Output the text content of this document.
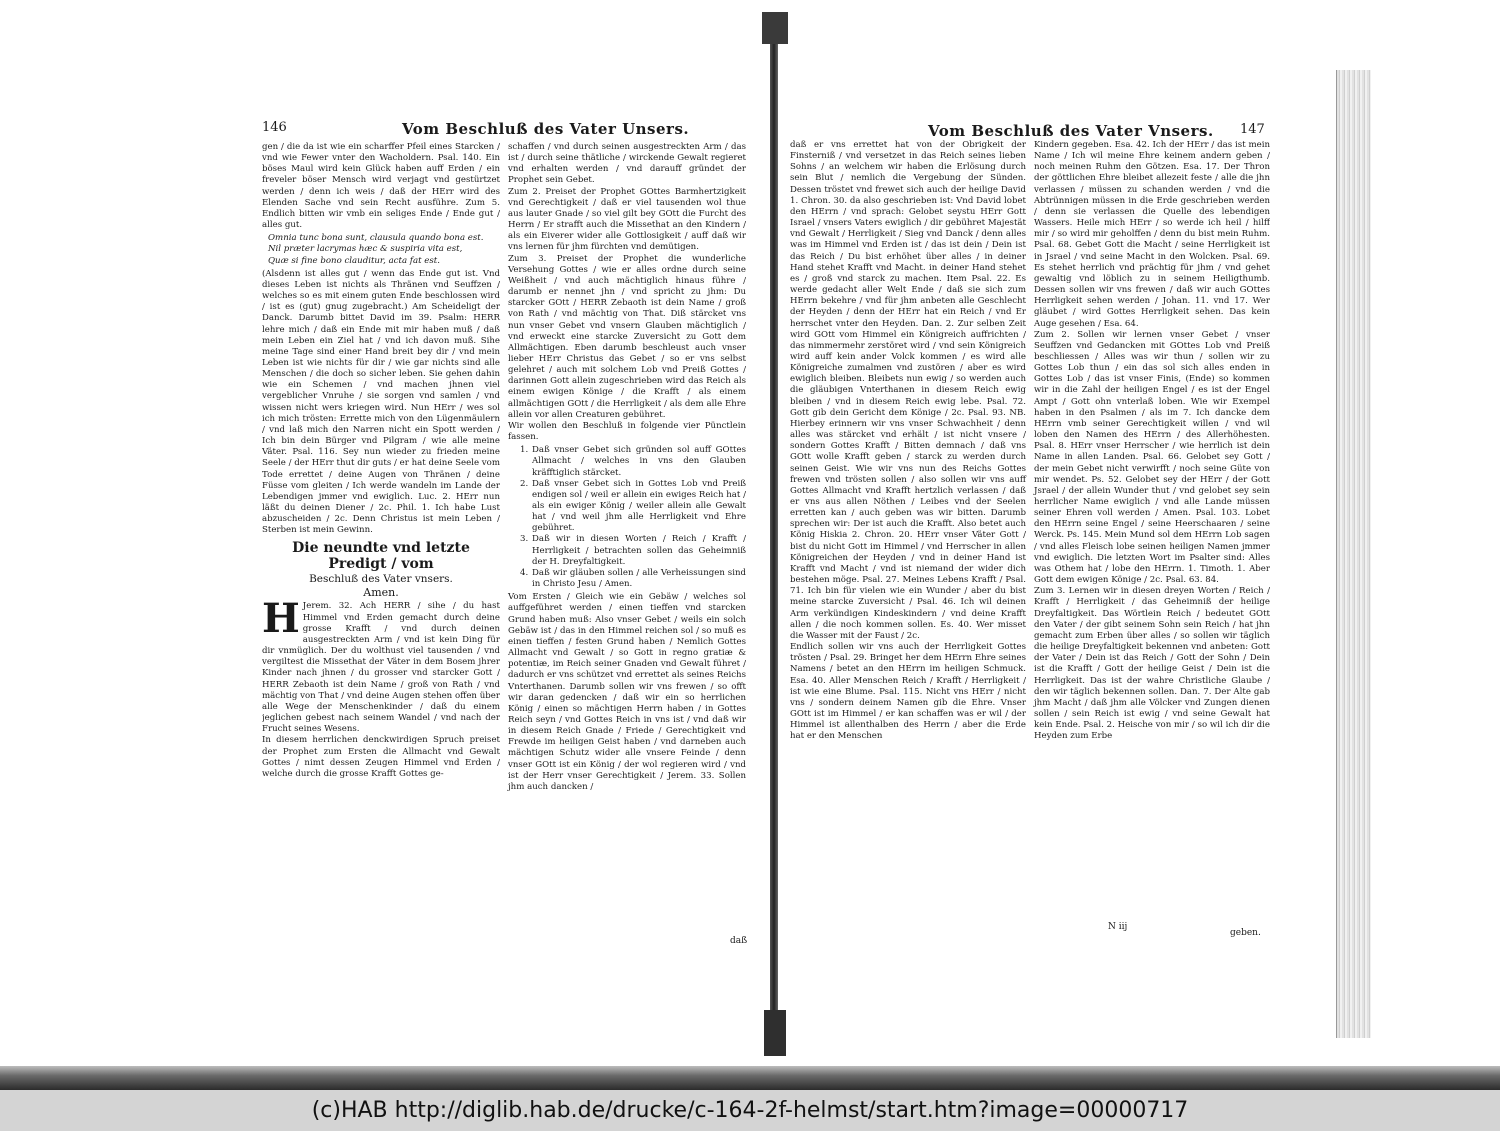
146	Vom Beschluß des Vater Unsers.

gen / die da ist wie ein scharffer Pfeil eines Starcken / vnd wie Fewer vnter den Wacholdern. Psal. 140. Ein böses Maul wird kein Glück haben auff Erden / ein freveler böser Mensch wird verjagt vnd gestürtzet werden / denn ich weis / daß der HErr wird des Elenden Sache vnd sein Recht ausführe. Zum 5. Endlich bitten wir vmb ein seliges Ende / Ende gut / alles gut.

Omnia tunc bona sunt, clausula quando bona est.
Nil præter lacrymas hæc & suspiria vita est,
Quæ si fine bono clauditur, acta fat est.

(Alsdenn ist alles gut / wenn das Ende gut ist. Vnd dieses Leben ist nichts als Thränen vnd Seuffzen / welches so es mit einem guten Ende beschlossen wird / ist es (gut) gnug zugebracht.) Am Scheideligt der Danck. Darumb bittet David im 39. Psalm: HERR lehre mich / daß ein Ende mit mir haben muß / daß mein Leben ein Ziel hat / vnd ich davon muß. Sihe meine Tage sind einer Hand breit bey dir / vnd mein Leben ist wie nichts für dir / wie gar nichts sind alle Menschen / die doch so sicher leben. Sie gehen dahin wie ein Schemen / vnd machen jhnen viel vergeblicher Vnruhe / sie sorgen vnd samlen / vnd wissen nicht wers kriegen wird. Nun HErr / wes sol ich mich trösten: Errette mich von den Lügenmäulern / vnd laß mich den Narren nicht ein Spott werden / Ich bin dein Bürger vnd Pilgram / wie alle meine Väter. Psal. 116. Sey nun wieder zu frieden meine Seele / der HErr thut dir guts / er hat deine Seele vom Tode errettet / deine Augen von Thränen / deine Füsse vom gleiten / Ich werde wandeln im Lande der Lebendigen jmmer vnd ewiglich. Luc. 2. HErr nun läßt du deinen Diener / 2c. Phil. 1. Ich habe Lust abzuscheiden / 2c. Denn Christus ist mein Leben / Sterben ist mein Gewinn.

Die neundte vnd letzte Predigt / vom
Beschluß des Vater vnsers.
Amen.

H Jerem. 32. Ach HERR / sihe / du hast Himmel vnd Erden gemacht durch deine grosse Krafft / vnd durch deinen ausgestreckten Arm / vnd ist kein Ding für dir vnmüglich. Der du wolthust viel tausenden / vnd vergiltest die Missethat der Väter in dem Bosem jhrer Kinder nach jhnen / du grosser vnd starcker Gott / HERR Zebaoth ist dein Name / groß von Rath / vnd mächtig von That / vnd deine Augen stehen offen über alle Wege der Menschenkinder / daß du einem jeglichen gebest nach seinem Wandel / vnd nach der Frucht seines Wesens.

In diesem herrlichen denckwirdigen Spruch preiset der Prophet zum Ersten die Allmacht vnd Gewalt Gottes / nimt dessen Zeugen Himmel vnd Erden / welche durch die grosse Krafft Gottes ge-

schaffen / vnd durch seinen ausgestreckten Arm / das ist / durch seine thätliche / wirckende Gewalt regieret vnd erhalten werden / vnd darauff gründet der Prophet sein Gebet.

Zum 2. Preiset der Prophet GOttes Barmhertzigkeit vnd Gerechtigkeit / daß er viel tausenden wol thue aus lauter Gnade / so viel gilt bey GOtt die Furcht des Herrn / Er strafft auch die Missethat an den Kindern / als ein Eiverer wider alle Gottlosigkeit / auff daß wir vns lernen für jhm fürchten vnd demütigen.

Zum 3. Preiset der Prophet die wunderliche Versehung Gottes / wie er alles ordne durch seine Weißheit / vnd auch mächtiglich hinaus führe / darumb er nennet jhn / vnd spricht zu jhm: Du starcker GOtt / HERR Zebaoth ist dein Name / groß von Rath / vnd mächtig von That. Diß stärcket vns nun vnser Gebet vnd vnsern Glauben mächtiglich / vnd erweckt eine starcke Zuversicht zu Gott dem Allmächtigen. Eben darumb beschleust auch vnser lieber HErr Christus das Gebet / so er vns selbst gelehret / auch mit solchem Lob vnd Preiß Gottes / darinnen Gott allein zugeschrieben wird das Reich als einem ewigen Könige / die Krafft / als einem allmächtigen GOtt / die Herrligkeit / als dem alle Ehre allein vor allen Creaturen gebühret.

Wir wollen den Beschluß in folgende vier Pünctlein fassen.

1. Daß vnser Gebet sich gründen sol auff GOttes Allmacht / welches in vns den Glauben kräfftiglich stärcket.
2. Daß vnser Gebet sich in Gottes Lob vnd Preiß endigen sol / weil er allein ein ewiges Reich hat / als ein ewiger König / weiler allein alle Gewalt hat / vnd weil jhm alle Herrligkeit vnd Ehre gebühret.
3. Daß wir in diesen Worten / Reich / Krafft / Herrligkeit / betrachten sollen das Geheimniß der H. Dreyfaltigkeit.
4. Daß wir gläuben sollen / alle Verheissungen sind in Christo Jesu / Amen.

Vom Ersten / Gleich wie ein Gebäw / welches sol auffgeführet werden / einen tieffen vnd starcken Grund haben muß: Also vnser Gebet / weils ein solch Gebäw ist / das in den Himmel reichen sol / so muß es einen tieffen / festen Grund haben / Nemlich Gottes Allmacht vnd Gewalt / so Gott in regno gratiæ & potentiæ, im Reich seiner Gnaden vnd Gewalt führet / dadurch er vns schützet vnd errettet als seines Reichs Vnterthanen. Darumb sollen wir vns frewen / so offt wir daran gedencken / daß wir ein so herrlichen König / einen so mächtigen Herrn haben / in Gottes Reich seyn / vnd Gottes Reich in vns ist / vnd daß wir in diesem Reich Gnade / Friede / Gerechtigkeit vnd Frewde im heiligen Geist haben / vnd darneben auch mächtigen Schutz wider alle vnsere Feinde / denn vnser GOtt ist ein König / der wol regieren wird / vnd ist der Herr vnser Gerechtigkeit / Jerem. 33. Sollen jhm auch dancken /

daß
Vom Beschluß des Vater Vnsers. 147

daß er vns errettet hat von der Obrigkeit der Finsterniß / vnd versetzet in das Reich seines lieben Sohns / an welchem wir haben die Erlösung durch sein Blut / nemlich die Vergebung der Sünden. Dessen tröstet vnd frewet sich auch der heilige David 1. Chron. 30. da also geschrieben ist: Vnd David lobet den HErrn / vnd sprach: Gelobet seystu HErr Gott Israel / vnsers Vaters ewiglich / dir gebühret Majestät vnd Gewalt / Herrligkeit / Sieg vnd Danck / denn alles was im Himmel vnd Erden ist / das ist dein / Dein ist das Reich / Du bist erhöhet über alles / in deiner Hand stehet Krafft vnd Macht. in deiner Hand stehet es / groß vnd starck zu machen. Item Psal. 22. Es werde gedacht aller Welt Ende / daß sie sich zum HErrn bekehre / vnd für jhm anbeten alle Geschlecht der Heyden / denn der HErr hat ein Reich / vnd Er herrschet vnter den Heyden. Dan. 2. Zur selben Zeit wird GOtt vom Himmel ein Königreich auffrichten / das nimmermehr zerstöret wird / vnd sein Königreich wird auff kein ander Volck kommen / es wird alle Königreiche zumalmen vnd zustören / aber es wird ewiglich bleiben. Bleibets nun ewig / so werden auch die gläubigen Vnterthanen in diesem Reich ewig bleiben / vnd in diesem Reich ewig lebe. Psal. 72. Gott gib dein Gericht dem Könige / 2c. Psal. 93. NB. Hierbey erinnern wir vns vnser Schwachheit / denn alles was stärcket vnd erhält / ist nicht vnsere / sondern Gottes Krafft / Bitten demnach / daß vns GOtt wolle Krafft geben / starck zu werden durch seinen Geist. Wie wir vns nun des Reichs Gottes frewen vnd trösten sollen / also sollen wir vns auff Gottes Allmacht vnd Krafft hertzlich verlassen / daß er vns aus allen Nöthen / Leibes vnd der Seelen erretten kan / auch geben was wir bitten. Darumb sprechen wir: Der ist auch die Krafft. Also betet auch König Hiskia 2. Chron. 20. HErr vnser Väter Gott / bist du nicht Gott im Himmel / vnd Herrscher in allen Königreichen der Heyden / vnd in deiner Hand ist Krafft vnd Macht / vnd ist niemand der wider dich bestehen möge. Psal. 27. Meines Lebens Krafft / Psal. 71. Ich bin für vielen wie ein Wunder / aber du bist meine starcke Zuversicht / Psal. 46. Ich wil deinen Arm verkündigen Kindeskindern / vnd deine Krafft allen / die noch kommen sollen. Es. 40. Wer misset die Wasser mit der Faust / 2c.

Endlich sollen wir vns auch der Herrligkeit Gottes trösten / Psal. 29. Bringet her dem HErrn Ehre seines Namens / betet an den HErrn im heiligen Schmuck. Esa. 40. Aller Menschen Reich / Krafft / Herrligkeit / ist wie eine Blume. Psal. 115. Nicht vns HErr / nicht vns / sondern deinem Namen gib die Ehre. Vnser GOtt ist im Himmel / er kan schaffen was er wil / der Himmel ist allenthalben des Herrn / aber die Erde hat er den Menschen

Kindern gegeben. Esa. 42. Ich der HErr / das ist mein Name / Ich wil meine Ehre keinem andern geben / noch meinen Ruhm den Götzen. Esa. 17. Der Thron der göttlichen Ehre bleibet allezeit feste / alle die jhn verlassen / müssen zu schanden werden / vnd die Abtrünnigen müssen in die Erde geschrieben werden / denn sie verlassen die Quelle des lebendigen Wassers. Heile mich HErr / so werde ich heil / hilff mir / so wird mir geholffen / denn du bist mein Ruhm. Psal. 68. Gebet Gott die Macht / seine Herrligkeit ist in Jsrael / vnd seine Macht in den Wolcken. Psal. 69. Es stehet herrlich vnd prächtig für jhm / vnd gehet gewaltig vnd löblich zu in seinem Heiligthumb. Dessen sollen wir vns frewen / daß wir auch GOttes Herrligkeit sehen werden / Johan. 11. vnd 17. Wer gläubet / wird Gottes Herrligkeit sehen. Das kein Auge gesehen / Esa. 64.

Zum 2. Sollen wir lernen vnser Gebet / vnser Seuffzen vnd Gedancken mit GOttes Lob vnd Preiß beschliessen / Alles was wir thun / sollen wir zu Gottes Lob thun / ein das sol sich alles enden in Gottes Lob / das ist vnser Finis, (Ende) so kommen wir in die Zahl der heiligen Engel / es ist der Engel Ampt / Gott ohn vnterlaß loben. Wie wir Exempel haben in den Psalmen / als im 7. Ich dancke dem HErrn vmb seiner Gerechtigkeit willen / vnd wil loben den Namen des HErrn / des Allerhöhesten. Psal. 8. HErr vnser Herrscher / wie herrlich ist dein Name in allen Landen. Psal. 66. Gelobet sey Gott / der mein Gebet nicht verwirfft / noch seine Güte von mir wendet. Ps. 52. Gelobet sey der HErr / der Gott Jsrael / der allein Wunder thut / vnd gelobet sey sein herrlicher Name ewiglich / vnd alle Lande müssen seiner Ehren voll werden / Amen. Psal. 103. Lobet den HErrn seine Engel / seine Heerschaaren / seine Werck. Ps. 145. Mein Mund sol dem HErrn Lob sagen / vnd alles Fleisch lobe seinen heiligen Namen jmmer vnd ewiglich. Die letzten Wort im Psalter sind: Alles was Othem hat / lobe den HErrn. 1. Timoth. 1. Aber Gott dem ewigen Könige / 2c. Psal. 63. 84.

Zum 3. Lernen wir in diesen dreyen Worten / Reich / Krafft / Herrligkeit / das Geheimniß der heilige Dreyfaltigkeit. Das Wörtlein Reich / bedeutet GOtt den Vater / der gibt seinem Sohn sein Reich / hat jhn gemacht zum Erben über alles / so sollen wir täglich die heilige Dreyfaltigkeit bekennen vnd anbeten: Gott der Vater / Dein ist das Reich / Gott der Sohn / Dein ist die Krafft / Gott der heilige Geist / Dein ist die Herrligkeit. Das ist der wahre Christliche Glaube / den wir täglich bekennen sollen. Dan. 7. Der Alte gab jhm Macht / daß jhm alle Völcker vnd Zungen dienen sollen / sein Reich ist ewig / vnd seine Gewalt hat kein Ende. Psal. 2. Heische von mir / so wil ich dir die Heyden zum Erbe

N iij
geben.
(c)HAB http://diglib.hab.de/drucke/c-164-2f-helmst/start.htm?image=00000717
